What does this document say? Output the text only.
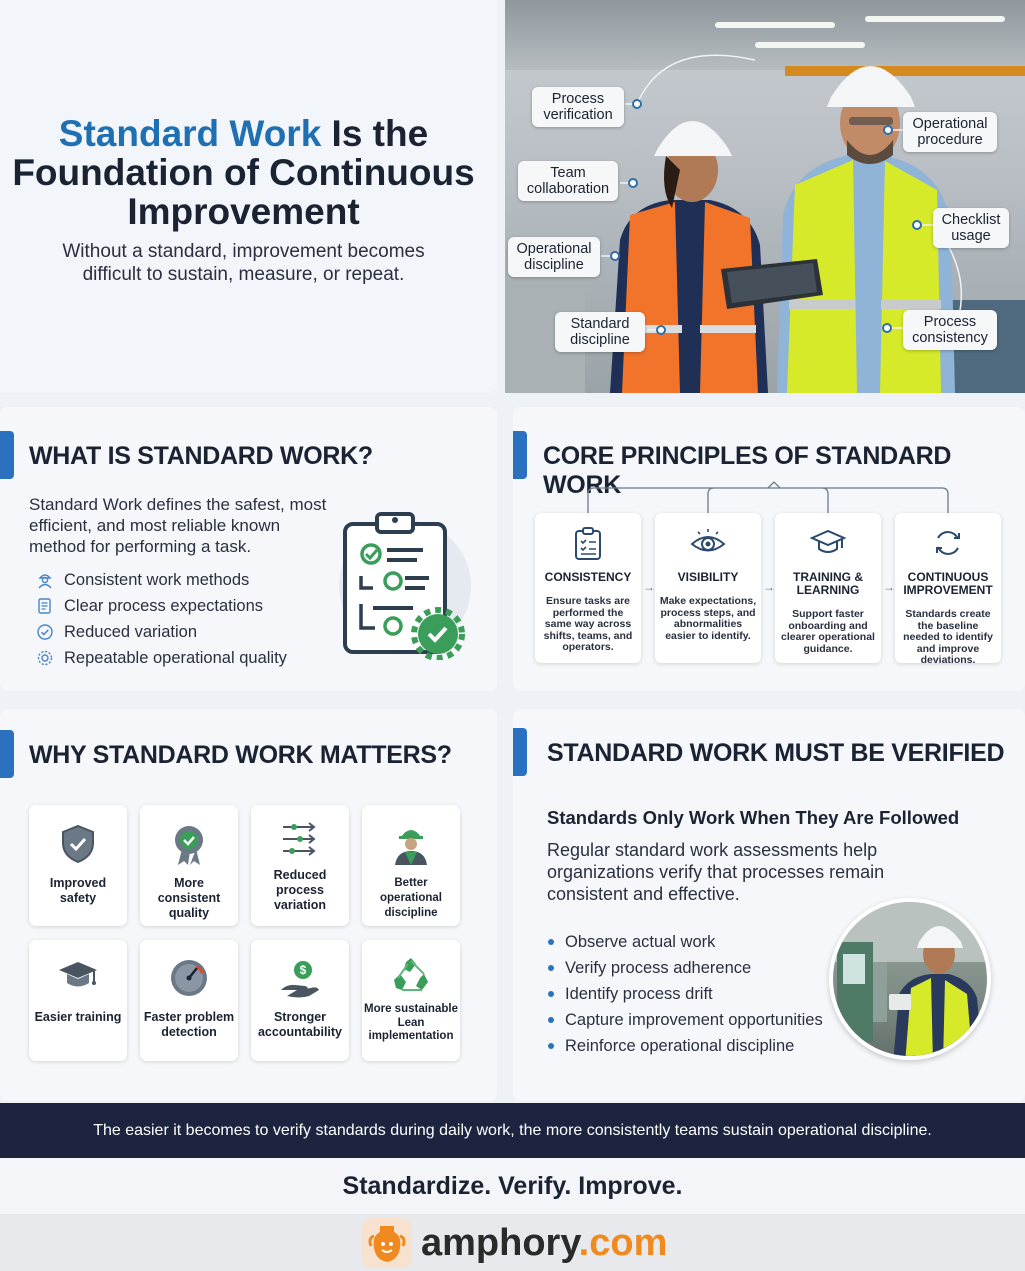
Standard Work Is the
Foundation of Continuous
Improvement
Without a standard, improvement becomes
difficult to sustain, measure, or repeat.
Process verification
Team collaboration
Operational discipline
Standard discipline
Operational procedure
Checklist usage
Process consistency
WHAT IS STANDARD WORK?
Standard Work defines the safest, most efficient, and most reliable known method for performing a task.
Consistent work methods
Clear process expectations
Reduced variation
Repeatable operational quality
CORE PRINCIPLES OF STANDARD WORK
CONSISTENCY
Ensure tasks are performed the same way across shifts, teams, and operators.
→
VISIBILITY
Make expectations, process steps, and abnormalities easier to identify.
→
TRAINING & LEARNING
Support faster onboarding and clearer operational guidance.
→
CONTINUOUS IMPROVEMENT
Standards create the baseline needed to identify and improve deviations.
WHY STANDARD WORK MATTERS?
Improved safety
More consistent quality
Reduced process variation
Better operational discipline
Easier training Faster problem detection
$
Stronger accountability
More sustainable Lean implementation
STANDARD WORK MUST BE VERIFIED
Standards Only Work When They Are Followed
Regular standard work assessments help organizations verify that processes remain consistent and effective.
Observe actual work
Verify process adherence
Identify process drift
Capture improvement opportunities
Reinforce operational discipline
The easier it becomes to verify standards during daily work, the more consistently teams sustain operational discipline.
Standardize. Verify. Improve.
amphory.com
